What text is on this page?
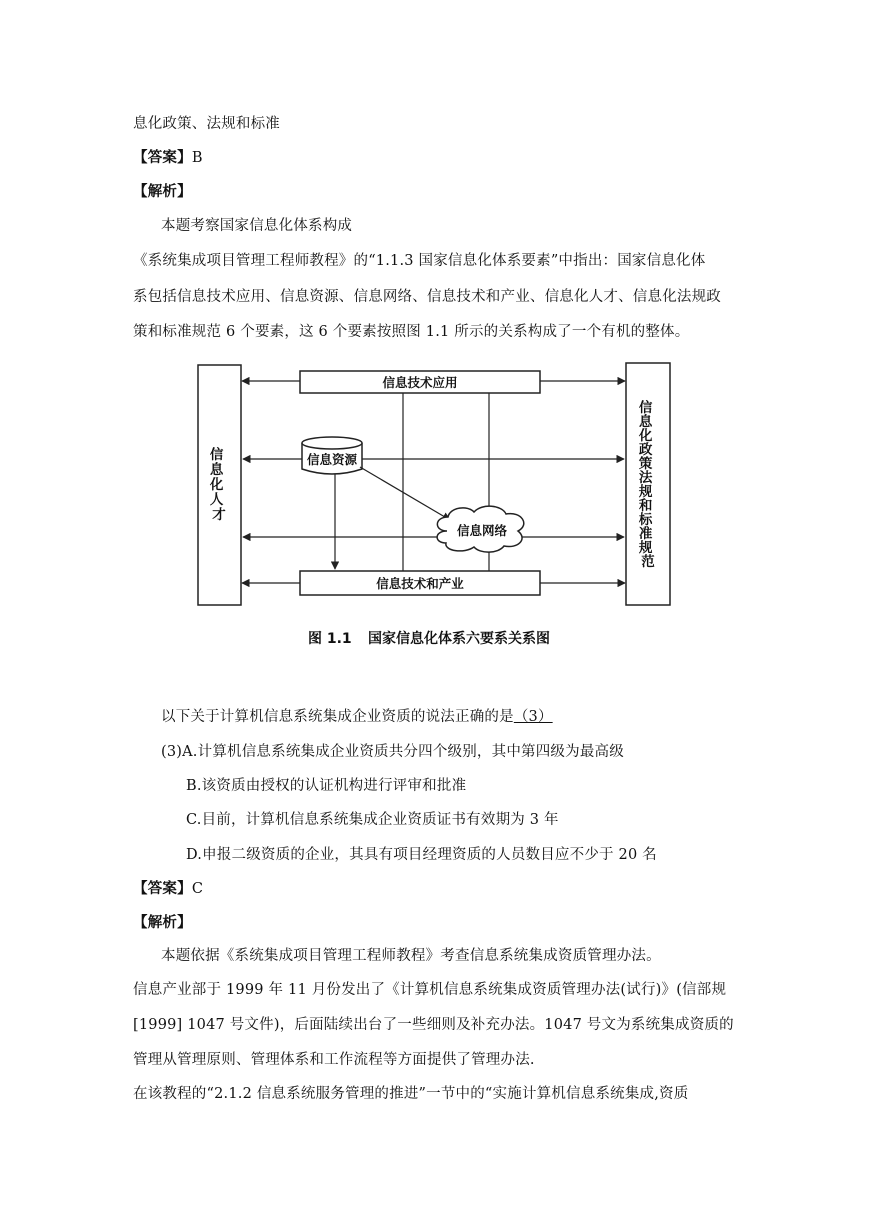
息化政策、法规和标准
【答案】B
【解析】
本题考察国家信息化体系构成
《系统集成项目管理工程师教程》的“1.1.3 国家信息化体系要素”中指出：国家信息化体
系包括信息技术应用、信息资源、信息网络、信息技术和产业、信息化人才、信息化法规政
策和标准规范 6 个要素，这 6 个要素按照图 1.1 所示的关系构成了一个有机的整体。
信息技术应用
信息技术和产业
信息资源
信息网络
信 息 化 人 才
信 息 化 政 策 法 规 和 标 准 规 范
图 1.1 国家信息化体系六要系关系图
以下关于计算机信息系统集成企业资质的说法正确的是（3）
(3)A.计算机信息系统集成企业资质共分四个级别，其中第四级为最高级
B.该资质由授权的认证机构进行评审和批准
C.目前，计算机信息系统集成企业资质证书有效期为 3 年
D.申报二级资质的企业，其具有项目经理资质的人员数目应不少于 20 名
【答案】C
【解析】
本题依据《系统集成项目管理工程师教程》考查信息系统集成资质管理办法。
信息产业部于 1999 年 11 月份发出了《计算机信息系统集成资质管理办法(试行)》(信部规
[1999] 1047 号文件)，后面陆续出台了一些细则及补充办法。1047 号文为系统集成资质的
管理从管理原则、管理体系和工作流程等方面提供了管理办法.
在该教程的“2.1.2 信息系统服务管理的推进”一节中的“实施计算机信息系统集成,资质
